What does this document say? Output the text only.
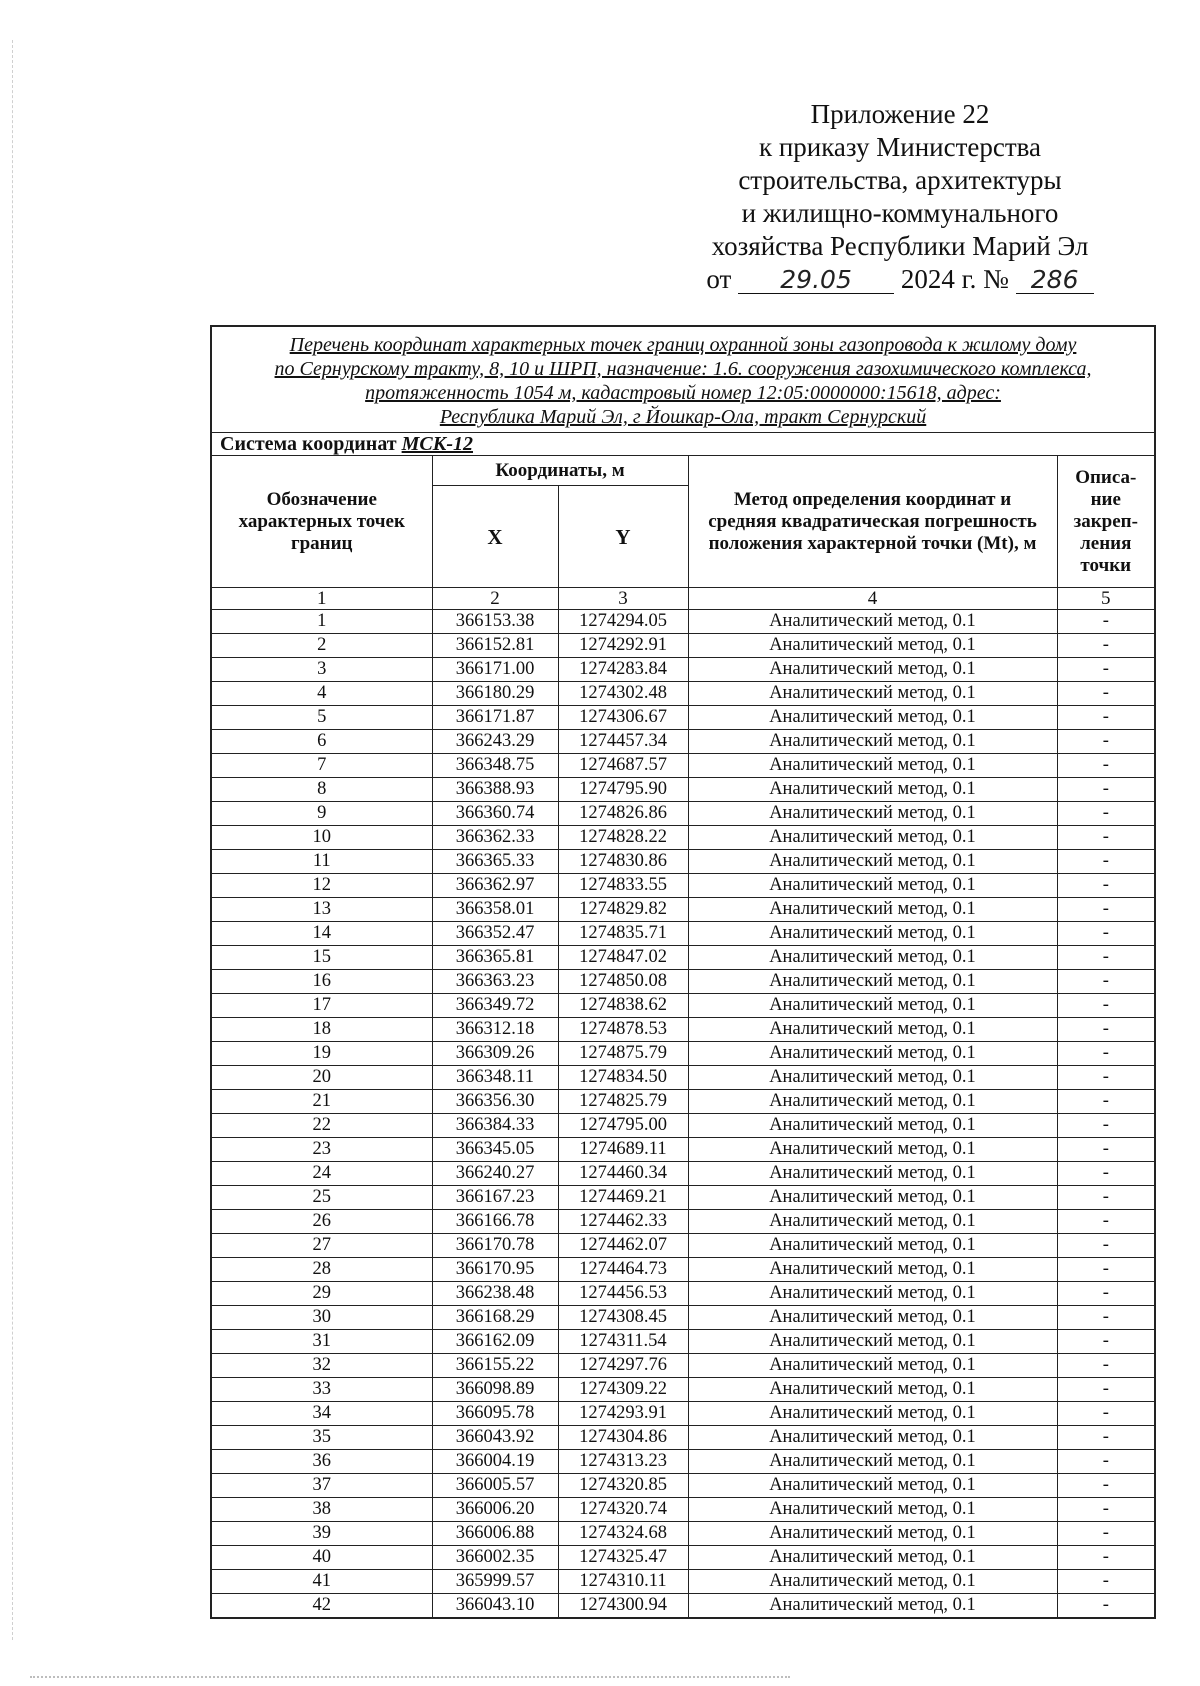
Приложение 22
к приказу Министерства
строительства, архитектуры
и жилищно-коммунального
хозяйства Республики Марий Эл
от 29.05 2024 г. № 286
Перечень координат характерных точек границ охранной зоны газопровода к жилому дому
по Сернурскому тракту, 8, 10 и ШРП, назначение: 1.6. сооружения газохимического комплекса,
протяженность 1054 м, кадастровый номер 12:05:0000000:15618, адрес:
Республика Марий Эл, г Йошкар-Ола, тракт Сернурский				

Система координат МСК-12				
Обозначение характерных точек границ	Координаты, м		Метод определения координат и средняя квадратическая погрешность положения характерной точки (Mt), м	Описа- ние закреп- ления точки
	X	Y		
1	2	3	4	5
1	366153.38	1274294.05	Аналитический метод, 0.1	-
2	366152.81	1274292.91	Аналитический метод, 0.1	-
3	366171.00	1274283.84	Аналитический метод, 0.1	-
4	366180.29	1274302.48	Аналитический метод, 0.1	-
5	366171.87	1274306.67	Аналитический метод, 0.1	-
6	366243.29	1274457.34	Аналитический метод, 0.1	-
7	366348.75	1274687.57	Аналитический метод, 0.1	-
8	366388.93	1274795.90	Аналитический метод, 0.1	-
9	366360.74	1274826.86	Аналитический метод, 0.1	-
10	366362.33	1274828.22	Аналитический метод, 0.1	-
11	366365.33	1274830.86	Аналитический метод, 0.1	-
12	366362.97	1274833.55	Аналитический метод, 0.1	-
13	366358.01	1274829.82	Аналитический метод, 0.1	-
14	366352.47	1274835.71	Аналитический метод, 0.1	-
15	366365.81	1274847.02	Аналитический метод, 0.1	-
16	366363.23	1274850.08	Аналитический метод, 0.1	-
17	366349.72	1274838.62	Аналитический метод, 0.1	-
18	366312.18	1274878.53	Аналитический метод, 0.1	-
19	366309.26	1274875.79	Аналитический метод, 0.1	-
20	366348.11	1274834.50	Аналитический метод, 0.1	-
21	366356.30	1274825.79	Аналитический метод, 0.1	-
22	366384.33	1274795.00	Аналитический метод, 0.1	-
23	366345.05	1274689.11	Аналитический метод, 0.1	-
24	366240.27	1274460.34	Аналитический метод, 0.1	-
25	366167.23	1274469.21	Аналитический метод, 0.1	-
26	366166.78	1274462.33	Аналитический метод, 0.1	-
27	366170.78	1274462.07	Аналитический метод, 0.1	-
28	366170.95	1274464.73	Аналитический метод, 0.1	-
29	366238.48	1274456.53	Аналитический метод, 0.1	-
30	366168.29	1274308.45	Аналитический метод, 0.1	-
31	366162.09	1274311.54	Аналитический метод, 0.1	-
32	366155.22	1274297.76	Аналитический метод, 0.1	-
33	366098.89	1274309.22	Аналитический метод, 0.1	-
34	366095.78	1274293.91	Аналитический метод, 0.1	-
35	366043.92	1274304.86	Аналитический метод, 0.1	-
36	366004.19	1274313.23	Аналитический метод, 0.1	-
37	366005.57	1274320.85	Аналитический метод, 0.1	-
38	366006.20	1274320.74	Аналитический метод, 0.1	-
39	366006.88	1274324.68	Аналитический метод, 0.1	-
40	366002.35	1274325.47	Аналитический метод, 0.1	-
41	365999.57	1274310.11	Аналитический метод, 0.1	-
42	366043.10	1274300.94	Аналитический метод, 0.1	-
